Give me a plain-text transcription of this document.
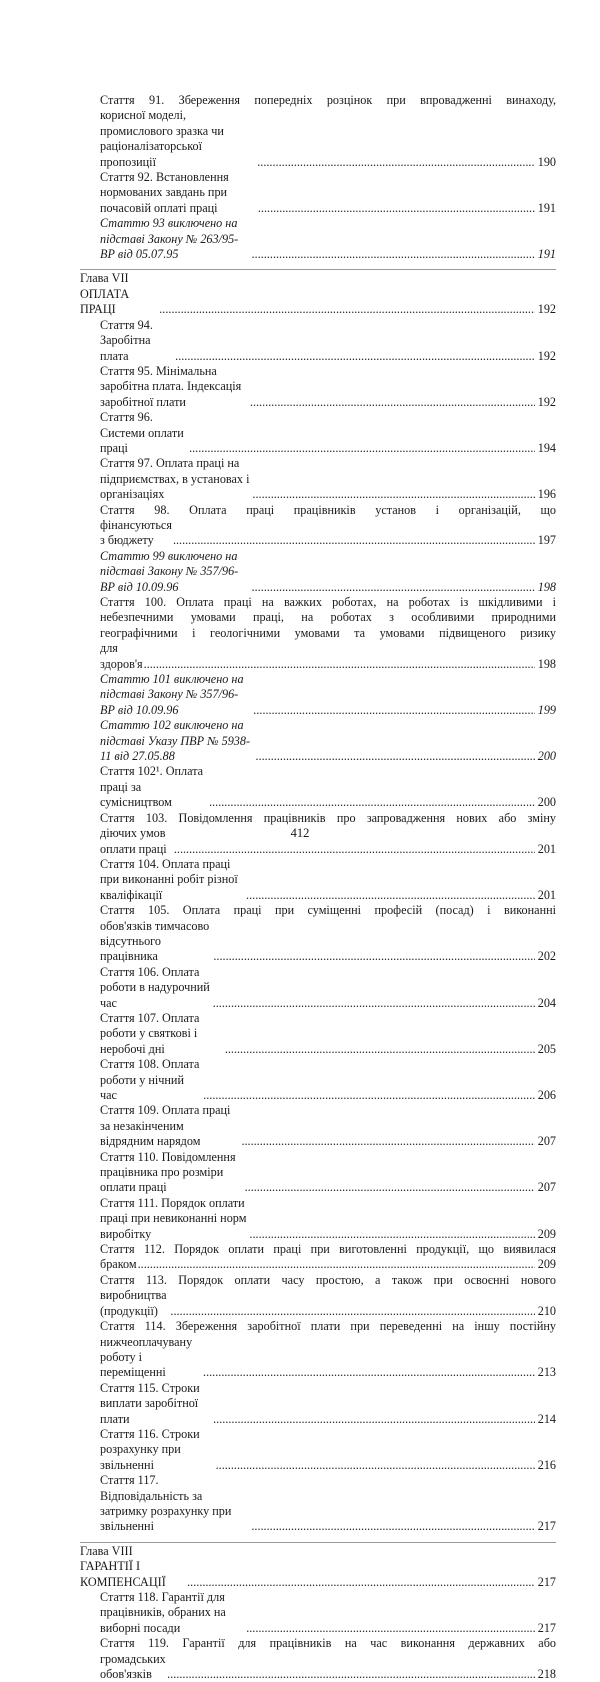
Стаття 91. Збереження попередніх розцінок при впровадженні винаходу,
корисної моделі, промислового зразка чи раціоналізаторської пропозиції .....	190
Стаття 92. Встановлення нормованих завдань при почасовій оплаті праці .....	191
Статтю 93 виключено на підставі Закону № 263/95-ВР від 05.07.95 .....	191
Глава VII ОПЛАТА ПРАЦІ .....	192
Стаття 94. Заробітна плата .....	192
Стаття 95. Мінімальна заробітна плата. Індексація заробітної плати .....	192
Стаття 96. Системи оплати праці .....	194
Стаття 97. Оплата праці на підприємствах, в установах і організаціях .....	196
Стаття 98. Оплата праці працівників установ і організацій, що
фінансуються з бюджету .....	197
Статтю 99 виключено на підставі Закону № 357/96-ВР від 10.09.96 .....	198
Стаття 100. Оплата праці на важких роботах, на роботах із шкідливими і
небезпечними умовами праці, на роботах з особливими природними
географічними і геологічними умовами та умовами підвищеного ризику
для здоров'я .....	198
Статтю 101 виключено на підставі Закону № 357/96-ВР від 10.09.96 .....	199
Статтю 102 виключено на підставі Указу ПВР № 5938-11 від 27.05.88 .....	200
Стаття 102¹. Оплата праці за сумісництвом .....	200
Стаття 103. Повідомлення працівників про запровадження нових або зміну
діючих умов оплати праці .....	201
Стаття 104. Оплата праці при виконанні робіт різної кваліфікації .....	201
Стаття 105. Оплата праці при суміщенні професій (посад) і виконанні
обов'язків тимчасово відсутнього працівника .....	202
Стаття 106. Оплата роботи в надурочний час .....	204
Стаття 107. Оплата роботи у святкові і неробочі дні .....	205
Стаття 108. Оплата роботи у нічний час .....	206
Стаття 109. Оплата праці за незакінченим відрядним нарядом .....	207
Стаття 110. Повідомлення працівника про розміри оплати праці .....	207
Стаття 111. Порядок оплати праці при невиконанні норм виробітку .....	209
Стаття 112. Порядок оплати праці при виготовленні продукції, що виявилася
браком .....	209
Стаття 113. Порядок оплати часу простою, а також при освоєнні нового
виробництва (продукції) .....	210
Стаття 114. Збереження заробітної плати при переведенні на іншу постійну
нижчеоплачувану роботу і переміщенні .....	213
Стаття 115. Строки виплати заробітної плати .....	214
Стаття 116. Строки розрахунку при звільненні .....	216
Стаття 117. Відповідальність за затримку розрахунку при звільненні .....	217
Глава VIII ГАРАНТІЇ І КОМПЕНСАЦІЇ .....	217
Стаття 118. Гарантії для працівників, обраних на виборні посади .....	217
Стаття 119. Гарантії для працівників на час виконання державних або
громадських обов'язків .....	218
412
